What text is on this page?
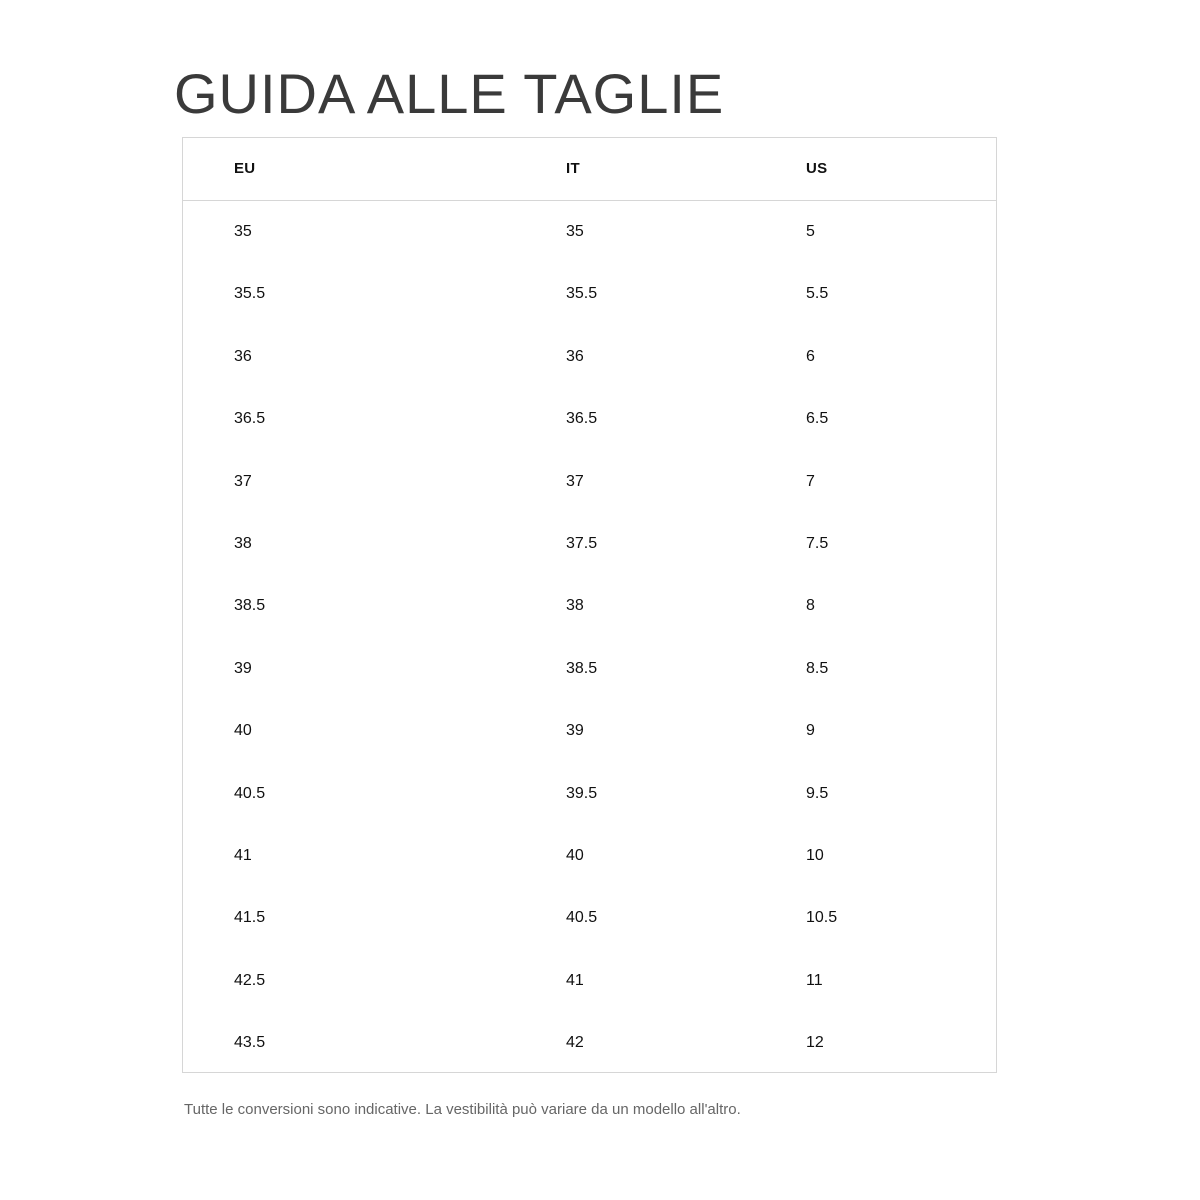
GUIDA ALLE TAGLIE
EU	IT	US
35	35	5
35.5	35.5	5.5
36	36	6
36.5	36.5	6.5
37	37	7
38	37.5	7.5
38.5	38	8
39	38.5	8.5
40	39	9
40.5	39.5	9.5
41	40	10
41.5	40.5	10.5
42.5	41	11
43.5	42	12

Tutte le conversioni sono indicative. La vestibilità può variare da un modello all'altro.
